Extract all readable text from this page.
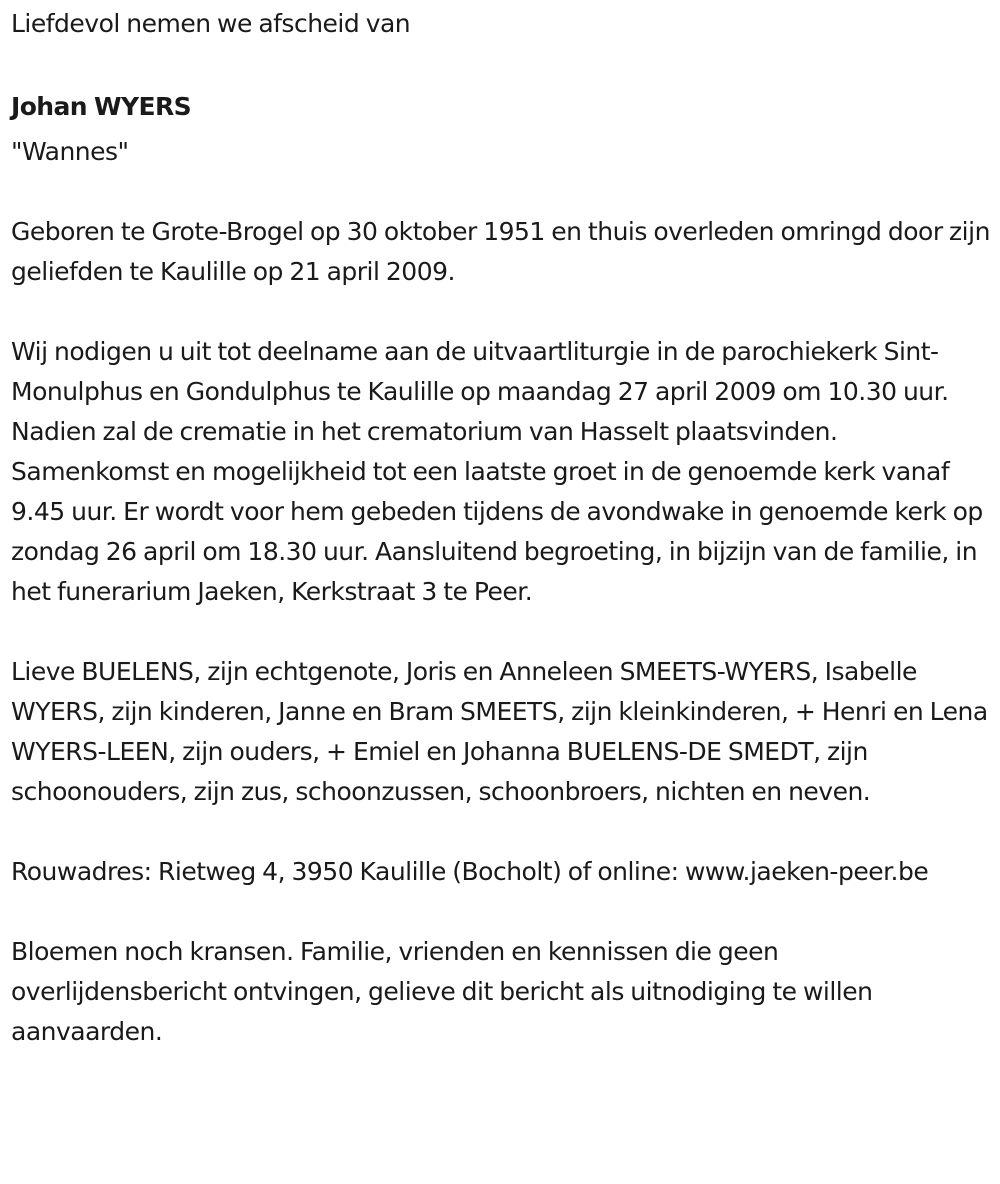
Liefdevol nemen we afscheid van

Johan WYERS

"Wannes"

Geboren te Grote-Brogel op 30 oktober 1951 en thuis overleden omringd door zijn geliefden te Kaulille op 21 april 2009.

Wij nodigen u uit tot deelname aan de uitvaartliturgie in de parochiekerk Sint-Monulphus en Gondulphus te Kaulille op maandag 27 april 2009 om 10.30 uur. Nadien zal de crematie in het crematorium van Hasselt plaatsvinden. Samenkomst en mogelijkheid tot een laatste groet in de genoemde kerk vanaf 9.45 uur. Er wordt voor hem gebeden tijdens de avondwake in genoemde kerk op zondag 26 april om 18.30 uur. Aansluitend begroeting, in bijzijn van de familie, in het funerarium Jaeken, Kerkstraat 3 te Peer.

Lieve BUELENS, zijn echtgenote, Joris en Anneleen SMEETS-WYERS, Isabelle WYERS, zijn kinderen, Janne en Bram SMEETS, zijn kleinkinderen, + Henri en Lena WYERS-LEEN, zijn ouders, + Emiel en Johanna BUELENS-DE SMEDT, zijn schoonouders, zijn zus, schoonzussen, schoonbroers, nichten en neven.

Rouwadres: Rietweg 4, 3950 Kaulille (Bocholt) of online: www.jaeken-peer.be

Bloemen noch kransen. Familie, vrienden en kennissen die geen overlijdensbericht ontvingen, gelieve dit bericht als uitnodiging te willen aanvaarden.
